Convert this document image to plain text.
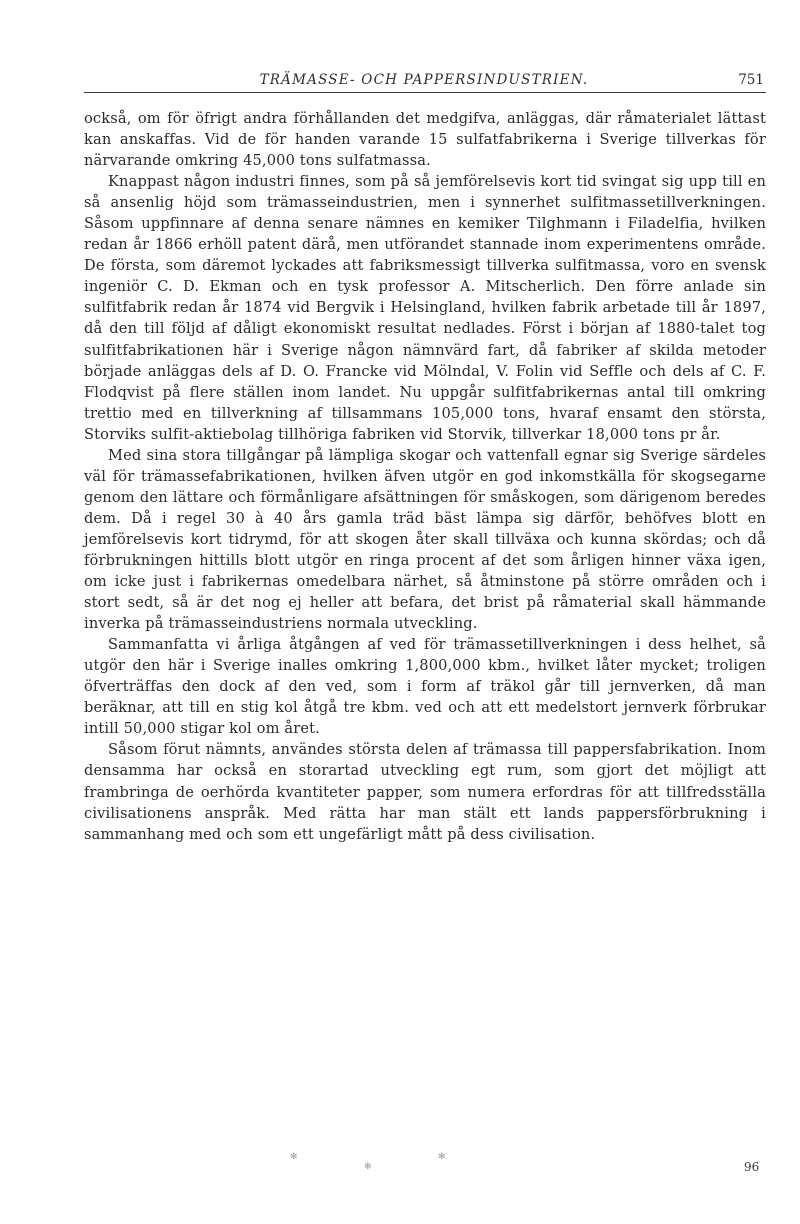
TRÄMASSE- OCH PAPPERSINDUSTRIEN.	751

också, om för öfrigt andra förhållanden det medgifva, anläggas, där råmaterialet lättast kan anskaffas. Vid de för handen varande 15 sulfatfabrikerna i Sverige tillverkas för närvarande omkring 45,000 tons sulfatmassa.

Knappast någon industri finnes, som på så jemförelsevis kort tid svingat sig upp till en så ansenlig höjd som trämasseindustrien, men i synnerhet sulfitmassetillverkningen. Såsom uppfinnare af denna senare nämnes en kemiker Tilghmann i Filadelfia, hvilken redan år 1866 erhöll patent därå, men utförandet stannade inom experimentens område. De första, som däremot lyckades att fabriksmessigt tillverka sulfitmassa, voro en svensk ingeniör C. D. Ekman och en tysk professor A. Mitscherlich. Den förre anlade sin sulfitfabrik redan år 1874 vid Bergvik i Helsingland, hvilken fabrik arbetade till år 1897, då den till följd af dåligt ekonomiskt resultat nedlades. Först i början af 1880-talet tog sulfitfabrikationen här i Sverige någon nämnvärd fart, då fabriker af skilda metoder började anläggas dels af D. O. Francke vid Mölndal, V. Folin vid Seffle och dels af C. F. Flodqvist på flere ställen inom landet. Nu uppgår sulfitfabrikernas antal till omkring trettio med en tillverkning af tillsammans 105,000 tons, hvaraf ensamt den största, Storviks sulfit-aktiebolag tillhöriga fabriken vid Storvik, tillverkar 18,000 tons pr år.

Med sina stora tillgångar på lämpliga skogar och vattenfall egnar sig Sverige särdeles väl för trämassefabrikationen, hvilken äfven utgör en god inkomstkälla för skogsegarne genom den lättare och förmånligare afsättningen för småskogen, som därigenom beredes dem. Då i regel 30 à 40 års gamla träd bäst lämpa sig därför, behöfves blott en jemförelsevis kort tidrymd, för att skogen åter skall tillväxa och kunna skördas; och då förbrukningen hittills blott utgör en ringa procent af det som årligen hinner växa igen, om icke just i fabrikernas omedelbara närhet, så åtminstone på större områden och i stort sedt, så är det nog ej heller att befara, det brist på råmaterial skall hämmande inverka på trämasseindustriens normala utveckling.

Sammanfatta vi årliga åtgången af ved för trämassetillverkningen i dess helhet, så utgör den här i Sverige inalles omkring 1,800,000 kbm., hvilket låter mycket; troligen öfverträffas den dock af den ved, som i form af träkol går till jernverken, då man beräknar, att till en stig kol åtgå tre kbm. ved och att ett medelstort jernverk förbrukar intill 50,000 stigar kol om året.

Såsom förut nämnts, användes största delen af trämassa till pappersfabrikation. Inom densamma har också en storartad utveckling egt rum, som gjort det möjligt att frambringa de oerhörda kvantiteter papper, som numera erfordras för att tillfredsställa civilisationens anspråk. Med rätta har man stält ett lands pappersförbrukning i sammanhang med och som ett ungefärligt mått på dess civilisation.

✻	✻
✻	96
